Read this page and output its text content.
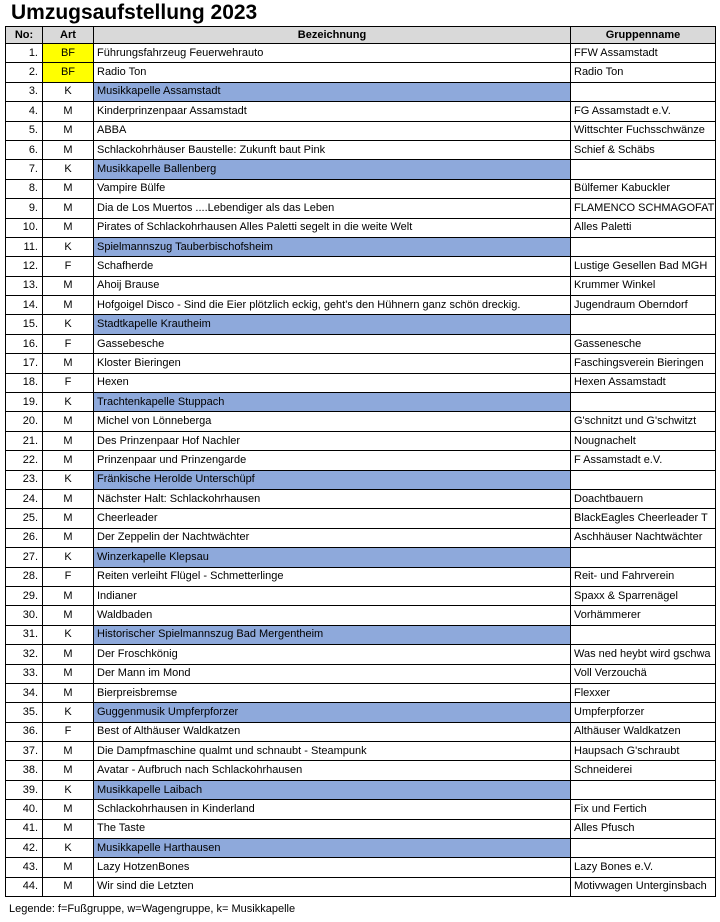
Umzugsaufstellung 2023
No:	Art	Bezeichnung	Gruppenname
1.	BF	Führungsfahrzeug Feuerwehrauto	FFW Assamstadt
2.	BF	Radio Ton	Radio Ton
3.	K	Musikkapelle Assamstadt	
4.	M	Kinderprinzenpaar Assamstadt	FG Assamstadt e.V.
5.	M	ABBA	Wittschter Fuchsschwänze
6.	M	Schlackohrhäuser Baustelle: Zukunft baut Pink	Schief & Schäbs
7.	K	Musikkapelle Ballenberg	
8.	M	Vampire Bülfe	Bülfemer Kabuckler
9.	M	Dia de Los Muertos ....Lebendiger als das Leben	FLAMENCO SCHMAGOFAT
10.	M	Pirates of Schlackohrhausen Alles Paletti segelt in die weite Welt	Alles Paletti
11.	K	Spielmannszug Tauberbischofsheim	
12.	F	Schafherde	Lustige Gesellen Bad MGH
13.	M	Ahoij Brause	Krummer Winkel
14.	M	Hofgoigel Disco - Sind die Eier plötzlich eckig, geht's den Hühnern ganz schön dreckig.	Jugendraum Oberndorf
15.	K	Stadtkapelle Krautheim	
16.	F	Gassebesche	Gassenesche
17.	M	Kloster Bieringen	Faschingsverein Bieringen
18.	F	Hexen	Hexen Assamstadt
19.	K	Trachtenkapelle Stuppach	
20.	M	Michel von Lönneberga	G'schnitzt und G'schwitzt
21.	M	Des Prinzenpaar Hof Nachler	Nougnachelt
22.	M	Prinzenpaar und Prinzengarde	F Assamstadt e.V.
23.	K	Fränkische Herolde Unterschüpf	
24.	M	Nächster Halt: Schlackohrhausen	Doachtbauern
25.	M	Cheerleader	BlackEagles Cheerleader T
26.	M	Der Zeppelin der Nachtwächter	Aschhäuser Nachtwächter
27.	K	Winzerkapelle Klepsau	
28.	F	Reiten verleiht Flügel - Schmetterlinge	Reit- und Fahrverein
29.	M	Indianer	Spaxx & Sparrenägel
30.	M	Waldbaden	Vorhämmerer
31.	K	Historischer Spielmannszug Bad Mergentheim	
32.	M	Der Froschkönig	Was ned heybt wird gschwa
33.	M	Der Mann im Mond	Voll Verzouchä
34.	M	Bierpreisbremse	Flexxer
35.	K	Guggenmusik Umpferpforzer	Umpferpforzer
36.	F	Best of Althäuser Waldkatzen	Althäuser Waldkatzen
37.	M	Die Dampfmaschine qualmt und schnaubt - Steampunk	Haupsach G'schraubt
38.	M	Avatar - Aufbruch nach Schlackohrhausen	Schneiderei
39.	K	Musikkapelle Laibach	
40.	M	Schlackohrhausen in Kinderland	Fix und Fertich
41.	M	The Taste	Alles Pfusch
42.	K	Musikkapelle Harthausen	
43.	M	Lazy HotzenBones	Lazy Bones e.V.
44.	M	Wir sind die Letzten	Motivwagen Unterginsbach
Legende: f=Fußgruppe, w=Wagengruppe, k= Musikkapelle
